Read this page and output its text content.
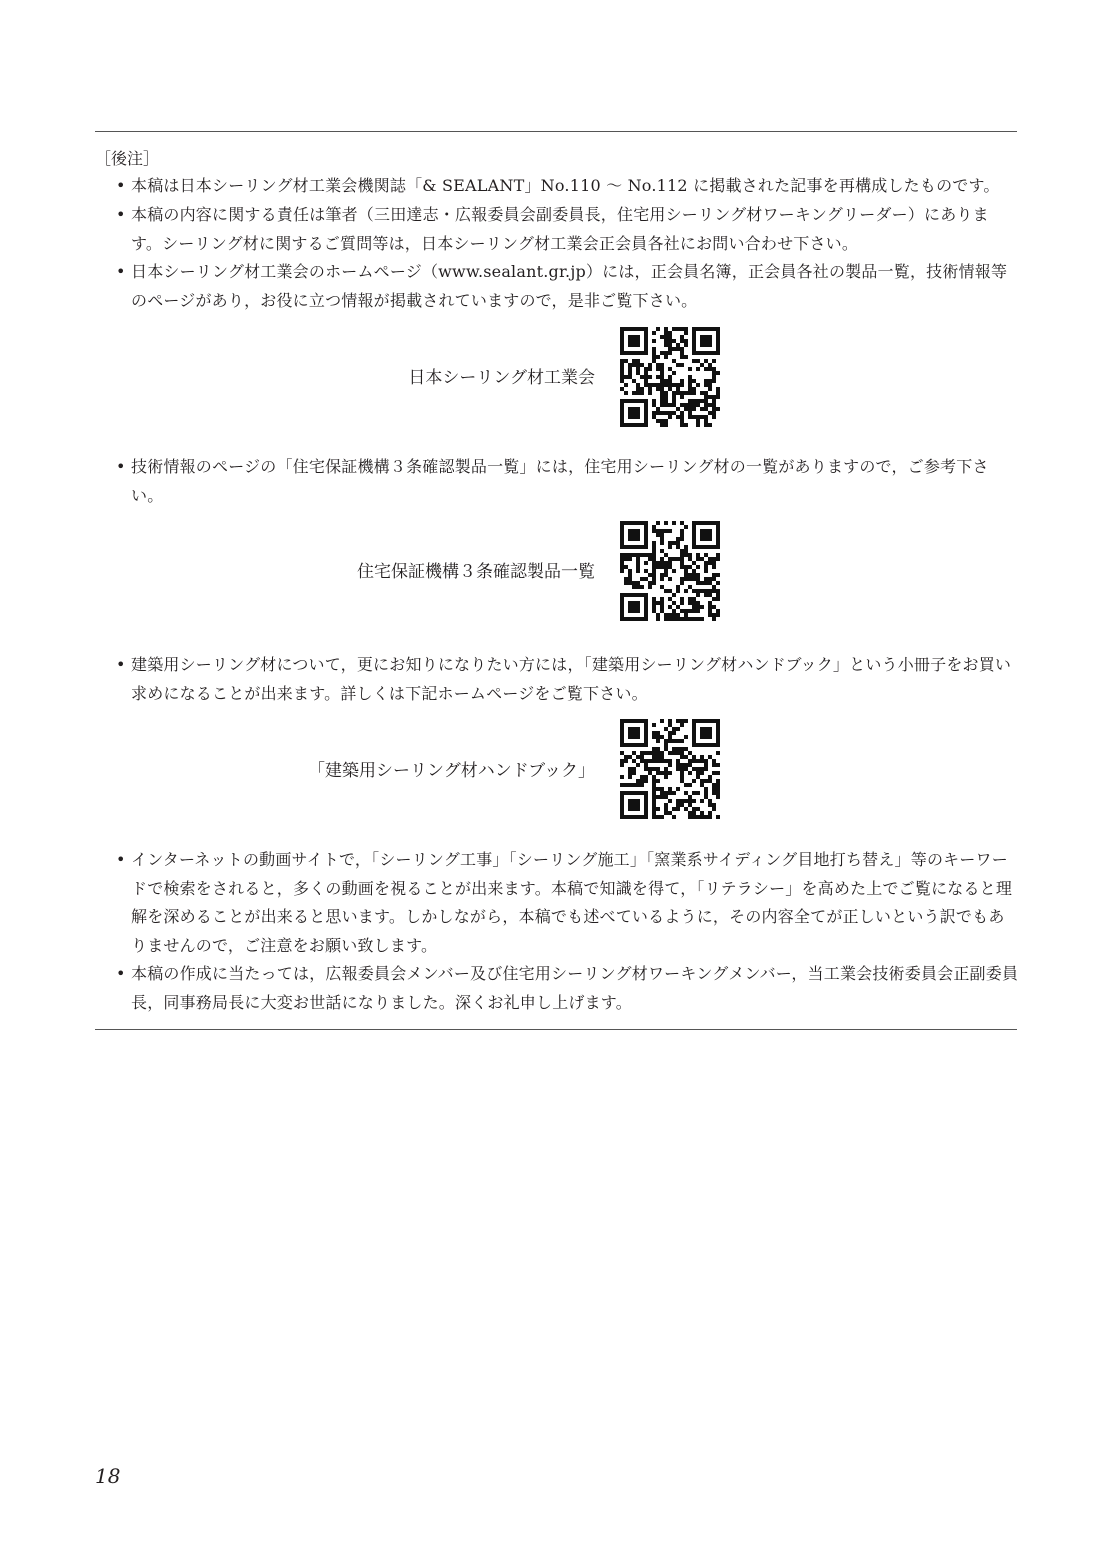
［後注］
• 本稿は日本シーリング材工業会機関誌「& SEALANT」No.110 ～ No.112 に掲載された記事を再構成したものです。
• 本稿の内容に関する責任は筆者（三田達志・広報委員会副委員長，住宅用シーリング材ワーキングリーダー）にあります。シーリング材に関するご質問等は，日本シーリング材工業会正会員各社にお問い合わせ下さい。
• 日本シーリング材工業会のホームページ（www.sealant.gr.jp）には，正会員名簿，正会員各社の製品一覧，技術情報等のページがあり，お役に立つ情報が掲載されていますので，是非ご覧下さい。
日本シーリング材工業会
• 技術情報のページの「住宅保証機構３条確認製品一覧」には，住宅用シーリング材の一覧がありますので，ご参考下さい。
住宅保証機構３条確認製品一覧
• 建築用シーリング材について，更にお知りになりたい方には，「建築用シーリング材ハンドブック」という小冊子をお買い求めになることが出来ます。詳しくは下記ホームページをご覧下さい。
「建築用シーリング材ハンドブック」
• インターネットの動画サイトで，「シーリング工事」「シーリング施工」「窯業系サイディング目地打ち替え」等のキーワードで検索をされると，多くの動画を視ることが出来ます。本稿で知識を得て，「リテラシー」を高めた上でご覧になると理解を深めることが出来ると思います。しかしながら，本稿でも述べているように，その内容全てが正しいという訳でもありませんので，ご注意をお願い致します。
• 本稿の作成に当たっては，広報委員会メンバー及び住宅用シーリング材ワーキングメンバー，当工業会技術委員会正副委員長，同事務局長に大変お世話になりました。深くお礼申し上げます。
18
